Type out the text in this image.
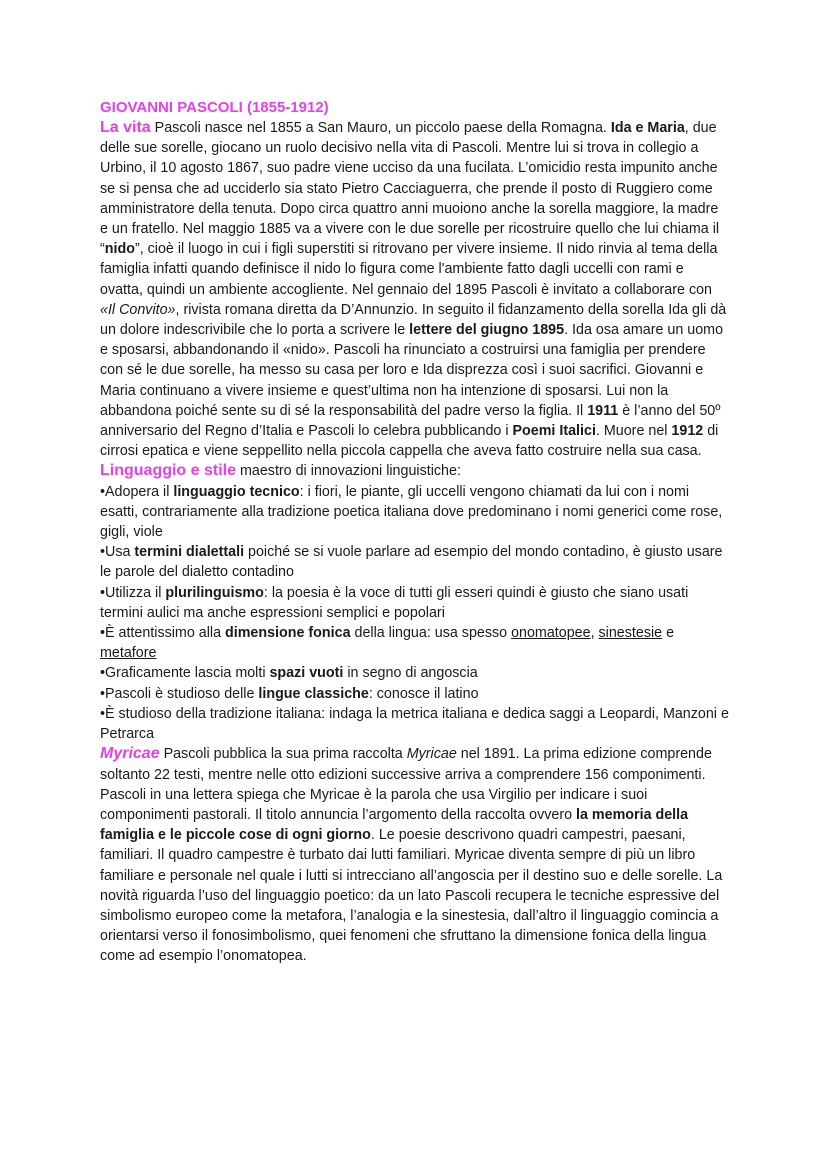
GIOVANNI PASCOLI (1855-1912)

La vita Pascoli nasce nel 1855 a San Mauro, un piccolo paese della Romagna. Ida e Maria, due delle sue sorelle, giocano un ruolo decisivo nella vita di Pascoli. Mentre lui si trova in collegio a Urbino, il 10 agosto 1867, suo padre viene ucciso da una fucilata. L’omicidio resta impunito anche se si pensa che ad ucciderlo sia stato Pietro Cacciaguerra, che prende il posto di Ruggiero come amministratore della tenuta. Dopo circa quattro anni muoiono anche la sorella maggiore, la madre e un fratello. Nel maggio 1885 va a vivere con le due sorelle per ricostruire quello che lui chiama il “nido”, cioè il luogo in cui i figli superstiti si ritrovano per vivere insieme. Il nido rinvia al tema della famiglia infatti quando definisce il nido lo figura come l'ambiente fatto dagli uccelli con rami e ovatta, quindi un ambiente accogliente. Nel gennaio del 1895 Pascoli è invitato a collaborare con «Il Convito», rivista romana diretta da D’Annunzio. In seguito il fidanzamento della sorella Ida gli dà un dolore indescrivibile che lo porta a scrivere le lettere del giugno 1895. Ida osa amare un uomo e sposarsi, abbandonando il «nido». Pascoli ha rinunciato a costruirsi una famiglia per prendere con sé le due sorelle, ha messo su casa per loro e Ida disprezza così i suoi sacrifici. Giovanni e Maria continuano a vivere insieme e quest’ultima non ha intenzione di sposarsi. Lui non la abbandona poiché sente su di sé la responsabilità del padre verso la figlia. Il 1911 è l’anno del 50º anniversario del Regno d’Italia e Pascoli lo celebra pubblicando i Poemi Italici. Muore nel 1912 di cirrosi epatica e viene seppellito nella piccola cappella che aveva fatto costruire nella sua casa.

Linguaggio e stile maestro di innovazioni linguistiche:

•Adopera il linguaggio tecnico: i fiori, le piante, gli uccelli vengono chiamati da lui con i nomi esatti, contrariamente alla tradizione poetica italiana dove predominano i nomi generici come rose, gigli, viole

•Usa termini dialettali poiché se si vuole parlare ad esempio del mondo contadino, è giusto usare le parole del dialetto contadino

•Utilizza il plurilinguismo: la poesia è la voce di tutti gli esseri quindi è giusto che siano usati termini aulici ma anche espressioni semplici e popolari

•È attentissimo alla dimensione fonica della lingua: usa spesso onomatopee, sinestesie e metafore

•Graficamente lascia molti spazi vuoti in segno di angoscia

•Pascoli è studioso delle lingue classiche: conosce il latino

•È studioso della tradizione italiana: indaga la metrica italiana e dedica saggi a Leopardi, Manzoni e Petrarca

Myricae Pascoli pubblica la sua prima raccolta Myricae nel 1891. La prima edizione comprende soltanto 22 testi, mentre nelle otto edizioni successive arriva a comprendere 156 componimenti. Pascoli in una lettera spiega che Myricae è la parola che usa Virgilio per indicare i suoi componimenti pastorali. Il titolo annuncia l’argomento della raccolta ovvero la memoria della famiglia e le piccole cose di ogni giorno. Le poesie descrivono quadri campestri, paesani, familiari. Il quadro campestre è turbato dai lutti familiari. Myricae diventa sempre di più un libro familiare e personale nel quale i lutti si intrecciano all’angoscia per il destino suo e delle sorelle. La novità riguarda l’uso del linguaggio poetico: da un lato Pascoli recupera le tecniche espressive del simbolismo europeo come la metafora, l’analogia e la sinestesia, dall’altro il linguaggio comincia a orientarsi verso il fonosimbolismo, quei fenomeni che sfruttano la dimensione fonica della lingua come ad esempio l’onomatopea.
